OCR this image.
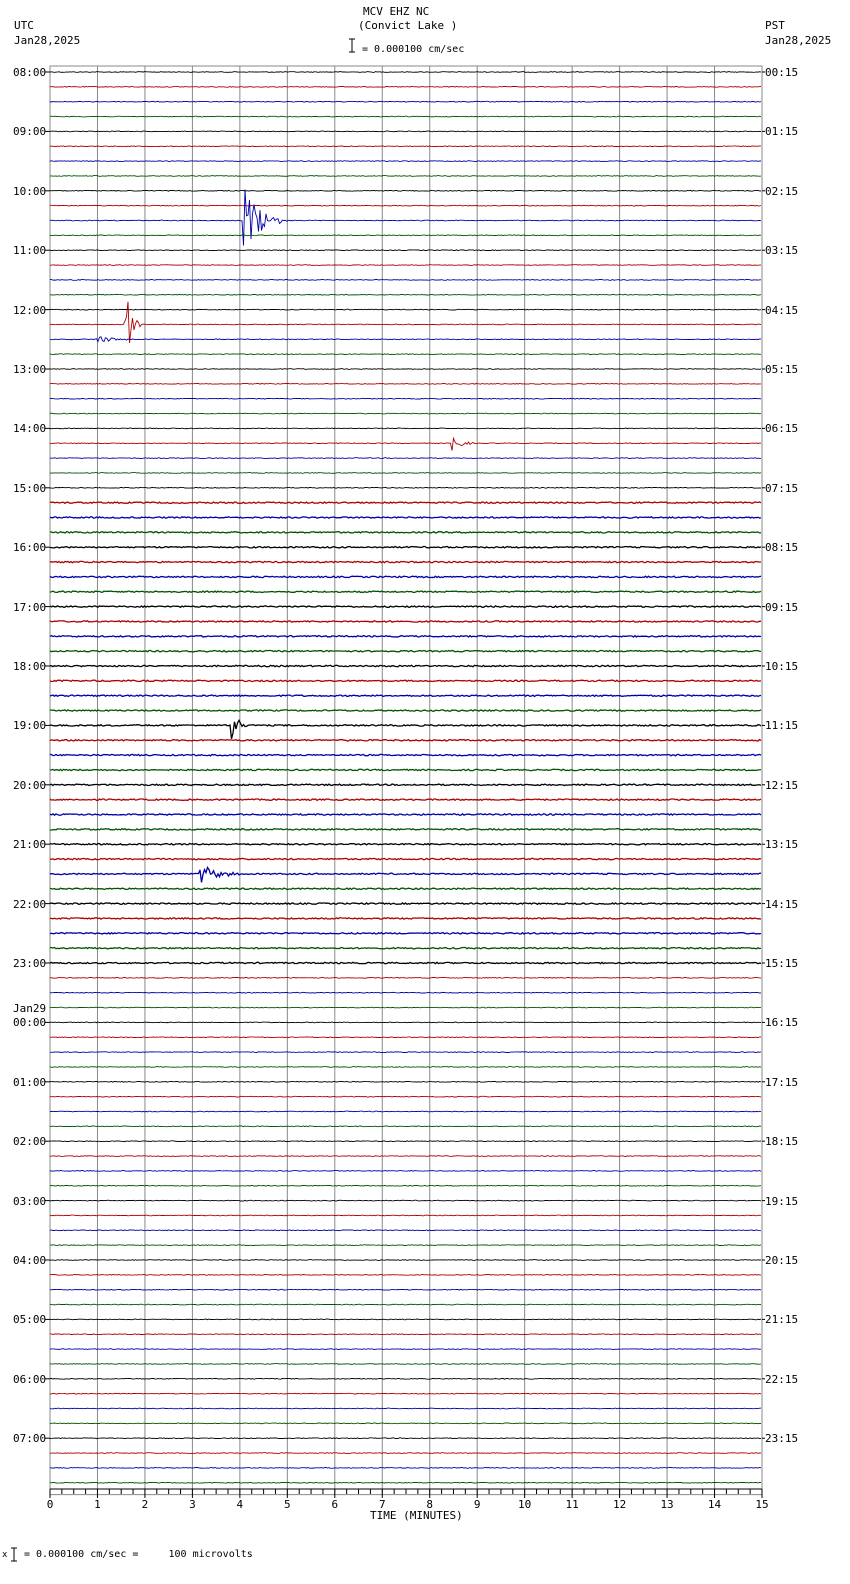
0	1	2	3	4	5	6	7	8	9	10	11	12	13	14	15
MCV EHZ NC
(Convict Lake )
= 0.000100 cm/sec
UTC
Jan28,2025
PST
Jan28,2025
08:00	00:15
09:00	01:15
10:00	02:15
11:00	03:15
12:00	04:15
13:00	05:15
14:00	06:15
15:00	07:15
16:00	08:15
17:00	09:15
18:00	10:15
19:00	11:15
20:00	12:15
21:00	13:15
22:00	14:15
23:00	15:15
00:00	16:15
01:00	17:15
02:00	18:15
03:00	19:15
04:00	20:15
05:00	21:15
06:00	22:15
07:00	23:15
Jan29
TIME (MINUTES)
x = 0.000100 cm/sec =     100 microvolts
